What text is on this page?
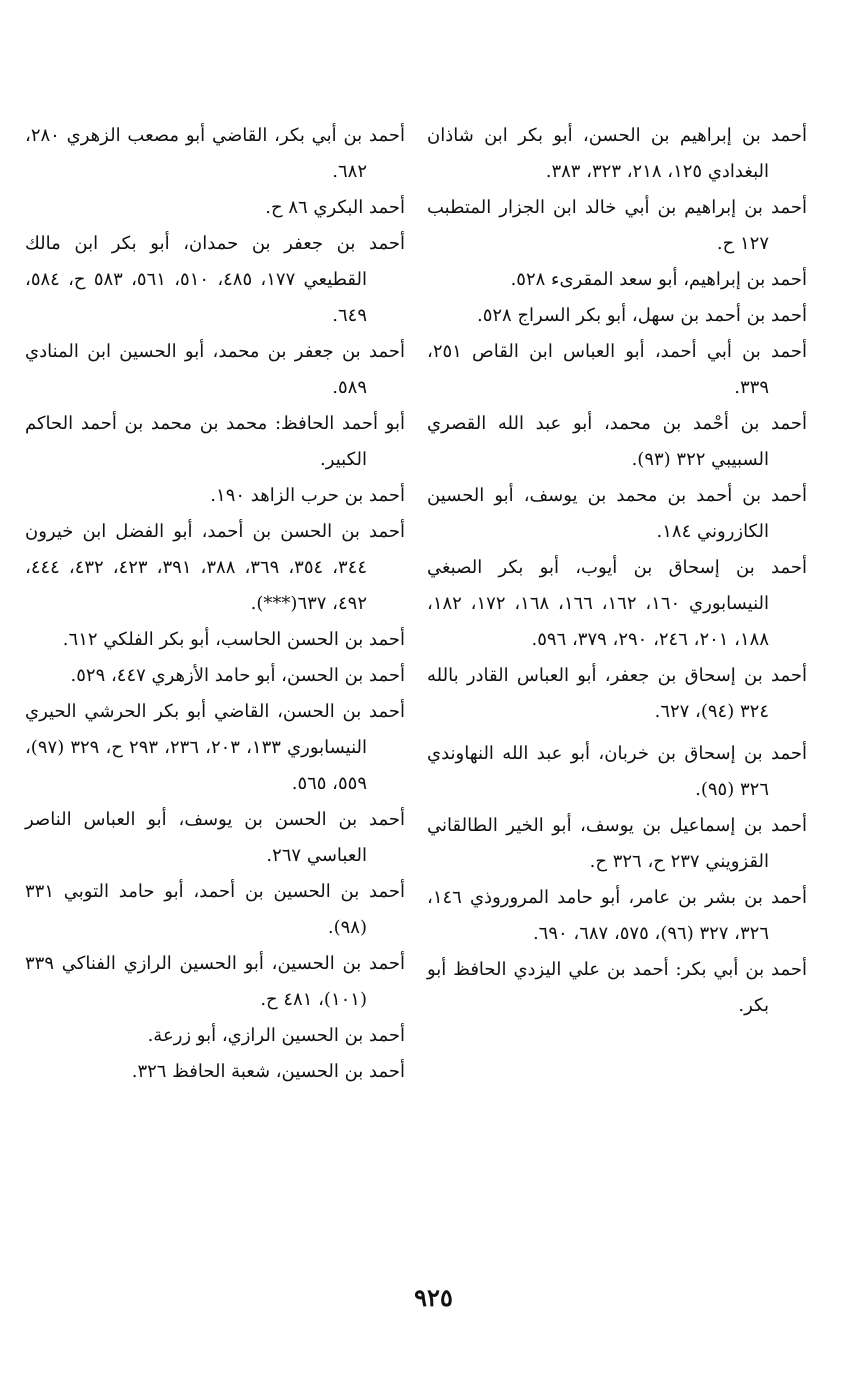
أحمد بن إبراهيم بن الحسن، أبو بكر ابن شاذان البغدادي ١٢٥، ٢١٨، ٣٢٣، ٣٨٣.

أحمد بن إبراهيم بن أبي خالد ابن الجزار المتطبب ١٢٧ ح.

أحمد بن إبراهيم، أبو سعد المقرىء ٥٢٨.

أحمد بن أحمد بن سهل، أبو بكر السراج ٥٢٨.

أحمد بن أبي أحمد، أبو العباس ابن القاص ٢٥١، ٣٣٩.

أحمد بن أحْمد بن محمد، أبو عبد الله القصري السبيبي ٣٢٢ (٩٣).

أحمد بن أحمد بن محمد بن يوسف، أبو الحسين الكازروني ١٨٤.

أحمد بن إسحاق بن أيوب، أبو بكر الصبغي النيسابوري ١٦٠، ١٦٢، ١٦٦، ١٦٨، ١٧٢، ١٨٢، ١٨٨، ٢٠١، ٢٤٦، ٢٩٠، ٣٧٩، ٥٩٦.

أحمد بن إسحاق بن جعفر، أبو العباس القادر بالله ٣٢٤ (٩٤)، ٦٢٧.

أحمد بن إسحاق بن خربان، أبو عبد الله النهاوندي ٣٢٦ (٩٥).

أحمد بن إسماعيل بن يوسف، أبو الخير الطالقاني القزويني ٢٣٧ ح، ٣٢٦ ح.

أحمد بن بشر بن عامر، أبو حامد المروروذي ١٤٦، ٣٢٦، ٣٢٧ (٩٦)، ٥٧٥، ٦٨٧، ٦٩٠.

أحمد بن أبي بكر: أحمد بن علي اليزدي الحافظ أبو بكر.

أحمد بن أبي بكر، القاضي أبو مصعب الزهري ٢٨٠، ٦٨٢.

أحمد البكري ٨٦ ح.

أحمد بن جعفر بن حمدان، أبو بكر ابن مالك القطيعي ١٧٧، ٤٨٥، ٥١٠، ٥٦١، ٥٨٣ ح، ٥٨٤، ٦٤٩.

أحمد بن جعفر بن محمد، أبو الحسين ابن المنادي ٥٨٩.

أبو أحمد الحافظ: محمد بن محمد بن أحمد الحاكم الكبير.

أحمد بن حرب الزاهد ١٩٠.

أحمد بن الحسن بن أحمد، أبو الفضل ابن خيرون ٣٤٤، ٣٥٤، ٣٦٩، ٣٨٨، ٣٩١، ٤٢٣، ٤٣٢، ٤٤٤، ٤٩٢، ٦٣٧(***).

أحمد بن الحسن الحاسب، أبو بكر الفلكي ٦١٢.

أحمد بن الحسن، أبو حامد الأزهري ٤٤٧، ٥٢٩.

أحمد بن الحسن، القاضي أبو بكر الحرشي الحيري النيسابوري ١٣٣، ٢٠٣، ٢٣٦، ٢٩٣ ح، ٣٢٩ (٩٧)، ٥٥٩، ٥٦٥.

أحمد بن الحسن بن يوسف، أبو العباس الناصر العباسي ٢٦٧.

أحمد بن الحسين بن أحمد، أبو حامد التوبي ٣٣١ (٩٨).

أحمد بن الحسين، أبو الحسين الرازي الفناكي ٣٣٩ (١٠١)، ٤٨١ ح.

أحمد بن الحسين الرازي، أبو زرعة.

أحمد بن الحسين، شعبة الحافظ ٣٢٦.

٩٢٥
